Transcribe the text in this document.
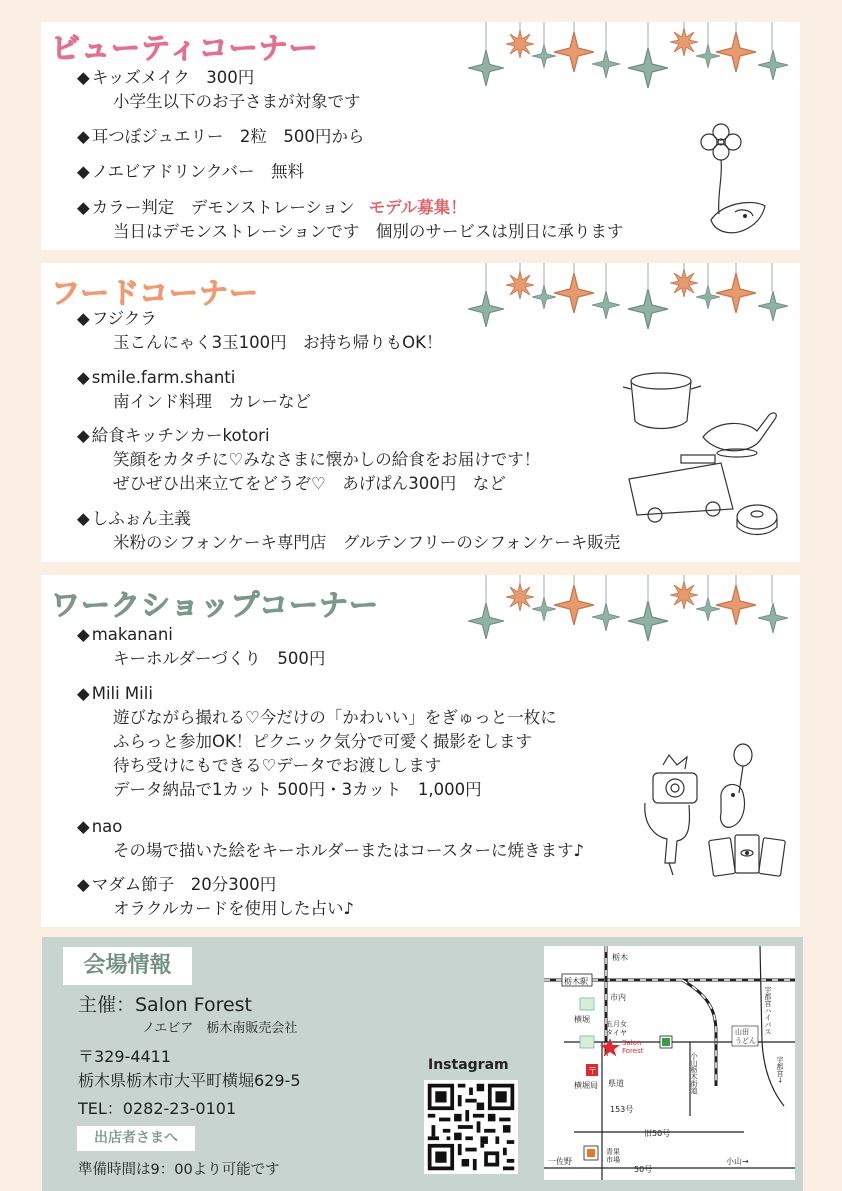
ビューティコーナー
◆ キッズメイク　300円
小学生以下のお子さまが対象です
◆ 耳つぼジュエリー　2粒　500円から
◆ ノエビアドリンクバー　無料
◆ カラー判定　デモンストレーション モデル募集！
当日はデモンストレーションです　個別のサービスは別日に承ります
フードコーナー
◆ フジクラ
玉こんにゃく3玉100円　お持ち帰りもOK！
◆ smile.farm.shanti
南インド料理　カレーなど
◆ 給食キッチンカーkotori
笑顔をカタチに♡みなさまに懐かしの給食をお届けです！
ぜひぜひ出来立てをどうぞ♡　あげぱん300円　など
◆ しふぉん主義
米粉のシフォンケーキ専門店　グルテンフリーのシフォンケーキ販売
ワークショップコーナー
◆ makanani
キーホルダーづくり　500円
◆ Mili Mili
遊びながら撮れる♡今だけの「かわいい」をぎゅっと一枚に
ふらっと参加OK！ピクニック気分で可愛く撮影をします
待ち受けにもできる♡データでお渡しします
データ納品で1カット 500円・3カット　1,000円
◆ nao
その場で描いた絵をキーホルダーまたはコースターに焼きます♪
◆ マダム節子　20分300円
オラクルカードを使用した占い♪
会場情報
主催：Salon Forest
ノエビア　栃木南販売会社
〒329-4411
栃木県栃木市大平町横堀629-5
TEL：0282-23-0101
出店者さまへ
準備時間は9：00より可能です
Instagram
栃木駅
栃木
市内
横堀 五月女
タイヤ
Salon
Forest
〒
横堀局 県道
153号
小山栃木街道
山田
うどん
宇都宮ハイパス
宇都宮→
旧50号
50号
一佐野	小山→
青果
市場
